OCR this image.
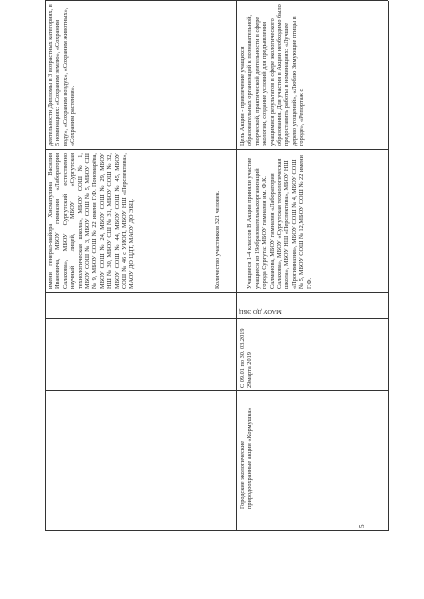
имени генерал-майора Хисматулина Василия Ивановича, МБОУ гимназия «Лаборатория Салахова», МБОУ Сургутский естественно научный лицей, МБОУ «Сургутская технологическая школа», МБОУ СОШ № 1, МБОУ СОШ № 3, МБОУ СОШ № 5, МБОУ СШ № 9, МБОУ СОШ № 22 имени Г.Ф. Пономарёва, МБОУ СОШ № 24, МБОУ СОШ № 29, МБОУ НШ № 30, МБОУ СШ № 31, МБОУ СОШ № 32, МБОУ СОШ № 44, МБОУ СОШ № 45, МБОУ СОШ № 46 с УИОП, МБОУ НШ «Перспектива», МАОУ ДО ЦДТ, МАОУ ДО ЭБЦ.	Количество участников 321 человек.
деятельности Дипломы в 3 возрастных категориях, в 5 номинациях: «Сохраним землю», «Сохраним воду», «Сохраним воздух», «Сохраним животных», «Сохраним растения».
5
Городские экологические природоохранные акции «Кормушка»
С 09.01 по 30. 03.2019 29марта 2019
МАОУ ДО ЭБЦ

Учащиеся 1-4 классов В Акции приняли участие учащиеся из 19образовательныхорганизаций города Сургута: МБОУ гимназия им. Ф.К. Салманова, МБОУ гимназия «Лаборатория Салахова», МБОУ «Сургутская технологическая школа», МБОУ НШ «Перспектива», МБОУ НШ «Прогимназия», МБОУ СОШ № 4, МБОУ СОШ № 5, МБОУ СОШ № 12,МБОУ СОШ № 22 имени Г.Ф.

Цель Акции - привлечение учащихся образовательных организаций к познавательной, творческой, практической деятельности в сфере экологии, создание условий для предъявления учащимися результатов в сфере экологического образования. Для участия в Акции необходимо было предоставить работы в номинациях: «Лучшее дерево угощений», «Люблю Зимующие птицы в городе», «Репортаж с
